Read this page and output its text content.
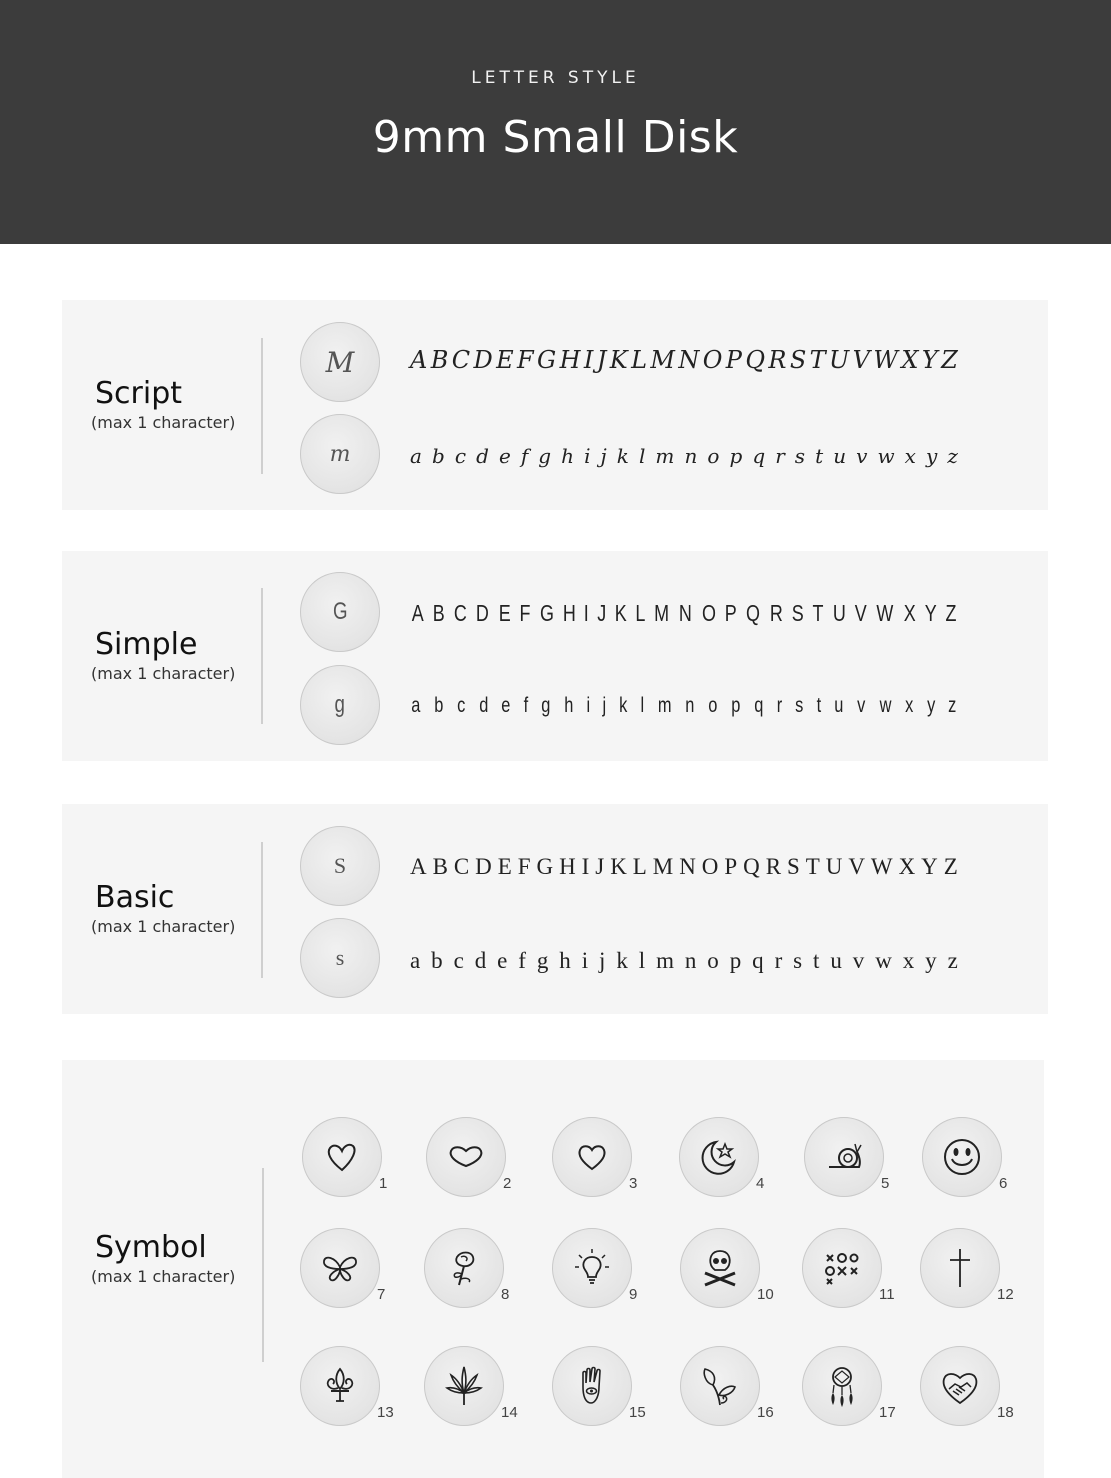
LETTER STYLE
9mm Small Disk
Script
(max 1 character)
M
m
A B C D E F G H I J K L M N O P Q R S T U V W X Y Z
a b c d e f g h i j k l m n o p q r s t u v w x y z
Simple
(max 1 character)
G
g
A B C D E F G H I J K L M N O P Q R S T U V W X Y Z
a b c d e f g h i j k l m n o p q r s t u v w x y z
Basic
(max 1 character)
S
s
A B C D E F G H I J K L M N O P Q R S T U V W X Y Z
a b c d e f g h i j k l m n o p q r s t u v w x y z
Symbol
(max 1 character)
1	2	3	4	5	6
7	8	9	10	11	12
13	14	15	16	17	18
